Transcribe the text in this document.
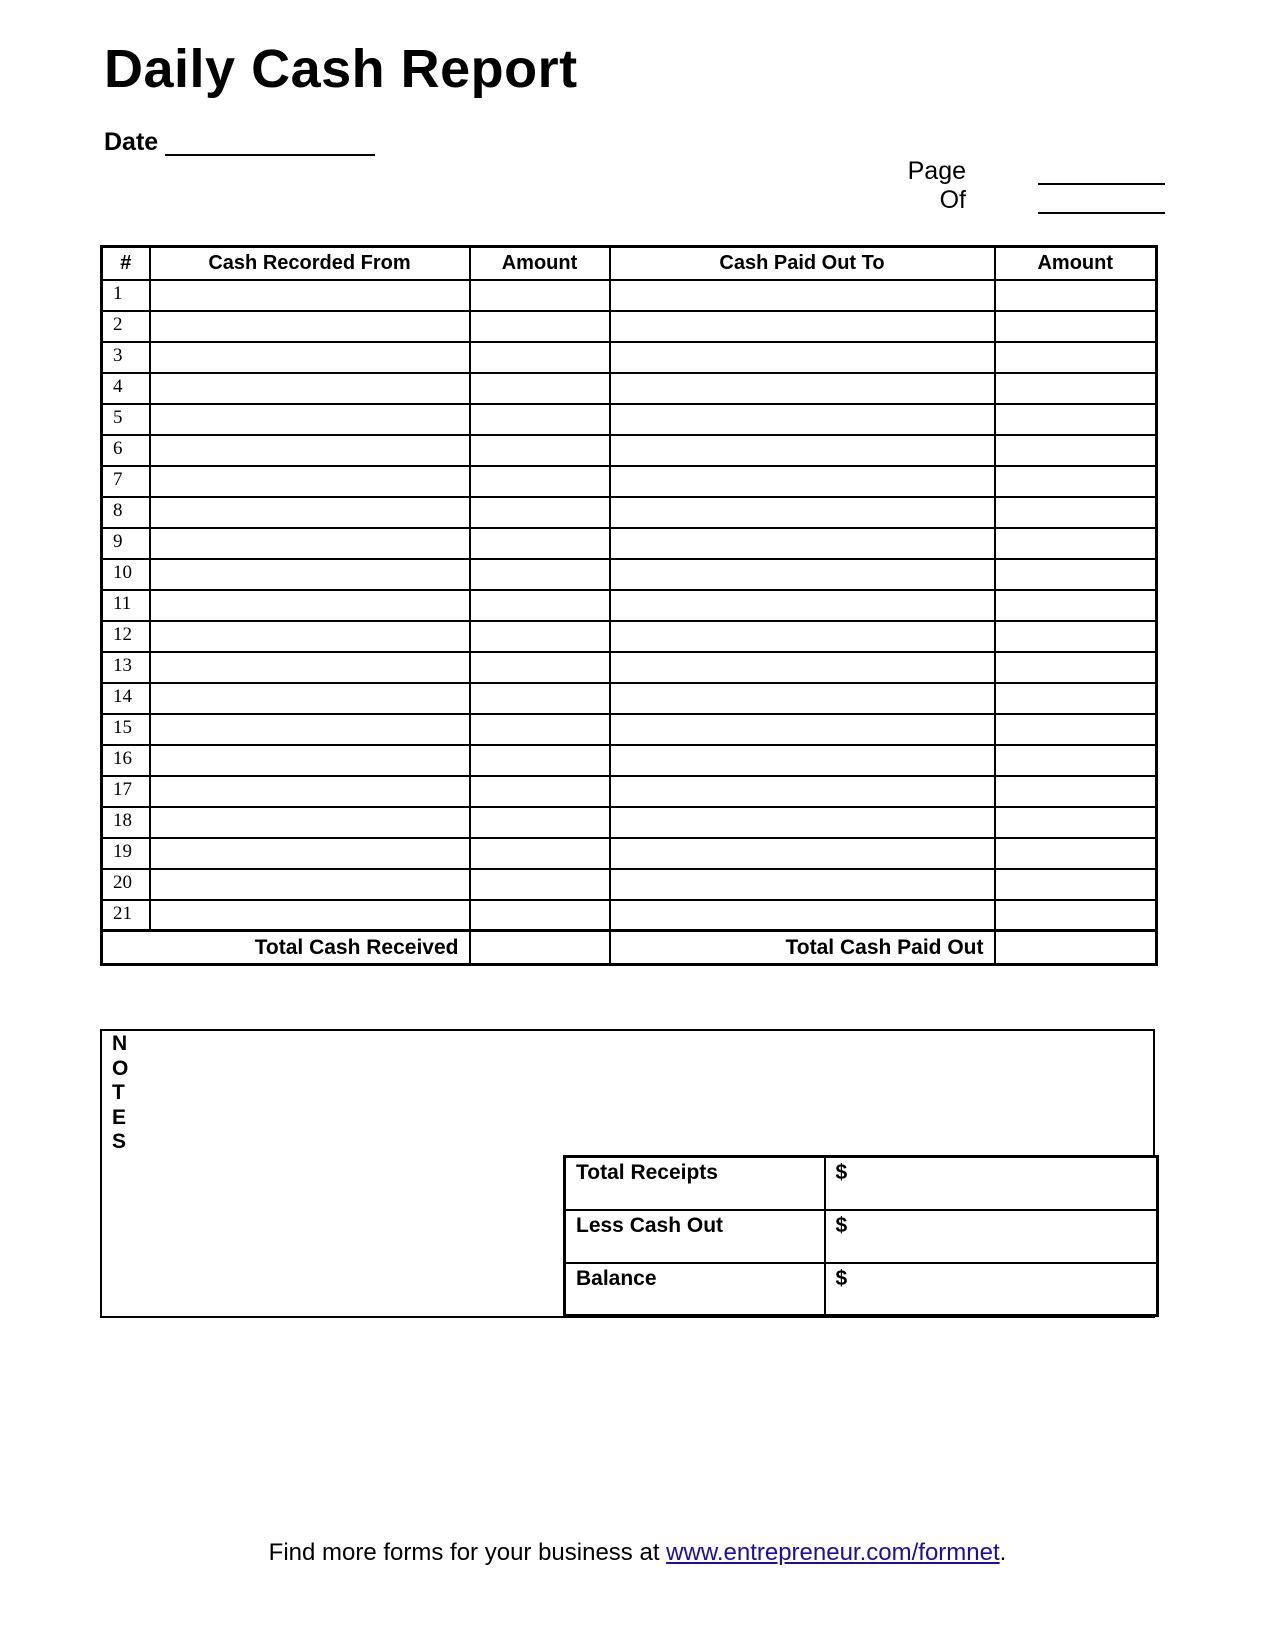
Daily Cash Report
Date
Page
Of
#	Cash Recorded From	Amount	Cash Paid Out To	Amount
1				
2				
3				
4				
5				
6				
7				
8				
9				
10				
11				
12				
13				
14				
15				
16				
17				
18				
19				
20				
21				
Total Cash Received			Total Cash Paid Out	
N
O
T
E
S
Total Receipts	$
Less Cash Out	$
Balance	$
Find more forms for your business at www.entrepreneur.com/formnet.
